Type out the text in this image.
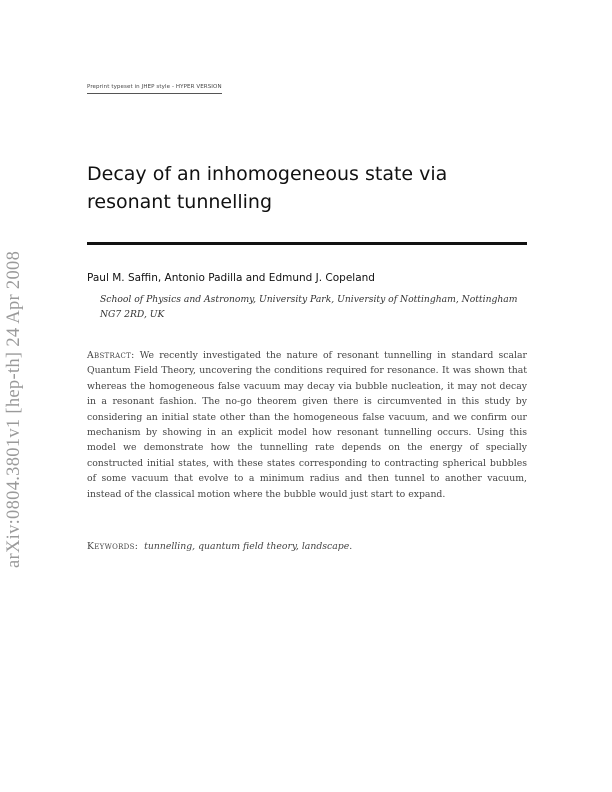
Preprint typeset in JHEP style - HYPER VERSION
arXiv:0804.3801v1 [hep-th] 24 Apr 2008
Decay of an inhomogeneous state via resonant tunnelling
Paul M. Saffin, Antonio Padilla and Edmund J. Copeland
School of Physics and Astronomy, University Park, University of Nottingham, Nottingham NG7 2RD, UK

Abstract: We recently investigated the nature of resonant tunnelling in standard scalar Quantum Field Theory, uncovering the conditions required for resonance. It was shown that whereas the homogeneous false vacuum may decay via bubble nucleation, it may not decay in a resonant fashion. The no-go theorem given there is circumvented in this study by considering an initial state other than the homogeneous false vacuum, and we confirm our mechanism by showing in an explicit model how resonant tunnelling occurs. Using this model we demonstrate how the tunnelling rate depends on the energy of specially constructed initial states, with these states corresponding to contracting spherical bubbles of some vacuum that evolve to a minimum radius and then tunnel to another vacuum, instead of the classical motion where the bubble would just start to expand.

Keywords: tunnelling, quantum field theory, landscape.
